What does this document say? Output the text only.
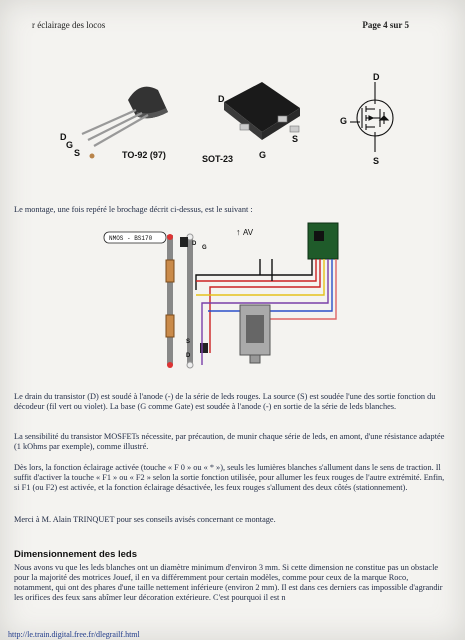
r éclairage des locos	Page 4 sur 5
D
G
S	TO-92 (97)
D
S
G
SOT-23
D
G
S

Le montage, une fois repéré le brochage décrit ci-dessus, est le suivant :

NMOS - BS170
↑ AV
D
G
S
D

Le drain du transistor (D) est soudé à l'anode (-) de la série de leds rouges. La source (S) est soudée l'une des sortie fonction du décodeur (fil vert ou violet). La base (G comme Gate) est soudée à l'anode (-) en sortie de la série de leds blanches.

La sensibilité du transistor MOSFETs nécessite, par précaution, de munir chaque série de leds, en amont, d'une résistance adaptée (1 kOhms par exemple), comme illustré.

Dès lors, la fonction éclairage activée (touche « F 0 » ou « * »), seuls les lumières blanches s'allument dans le sens de traction. Il suffit d'activer la touche « F1 » ou « F2 » selon la sortie fonction utilisée, pour allumer les feux rouges de l'autre extrémité. Enfin, si F1 (ou F2) est activée, et la fonction éclairage désactivée, les feux rouges s'allument des deux côtés (stationnement).

Merci à M. Alain TRINQUET pour ses conseils avisés concernant ce montage.

Dimensionnement des leds

Nous avons vu que les leds blanches ont un diamètre minimum d'environ 3 mm. Si cette dimension ne constitue pas un obstacle pour la majorité des motrices Jouef, il en va différemment pour certain modèles, comme pour ceux de la marque Roco, notamment, qui ont des phares d'une taille nettement inférieure (environ 2 mm). Il est dans ces derniers cas impossible d'agrandir les orifices des feux sans abîmer leur décoration extérieure. C'est pourquoi il est n

http://le.train.digital.free.fr/dlegrailf.html
